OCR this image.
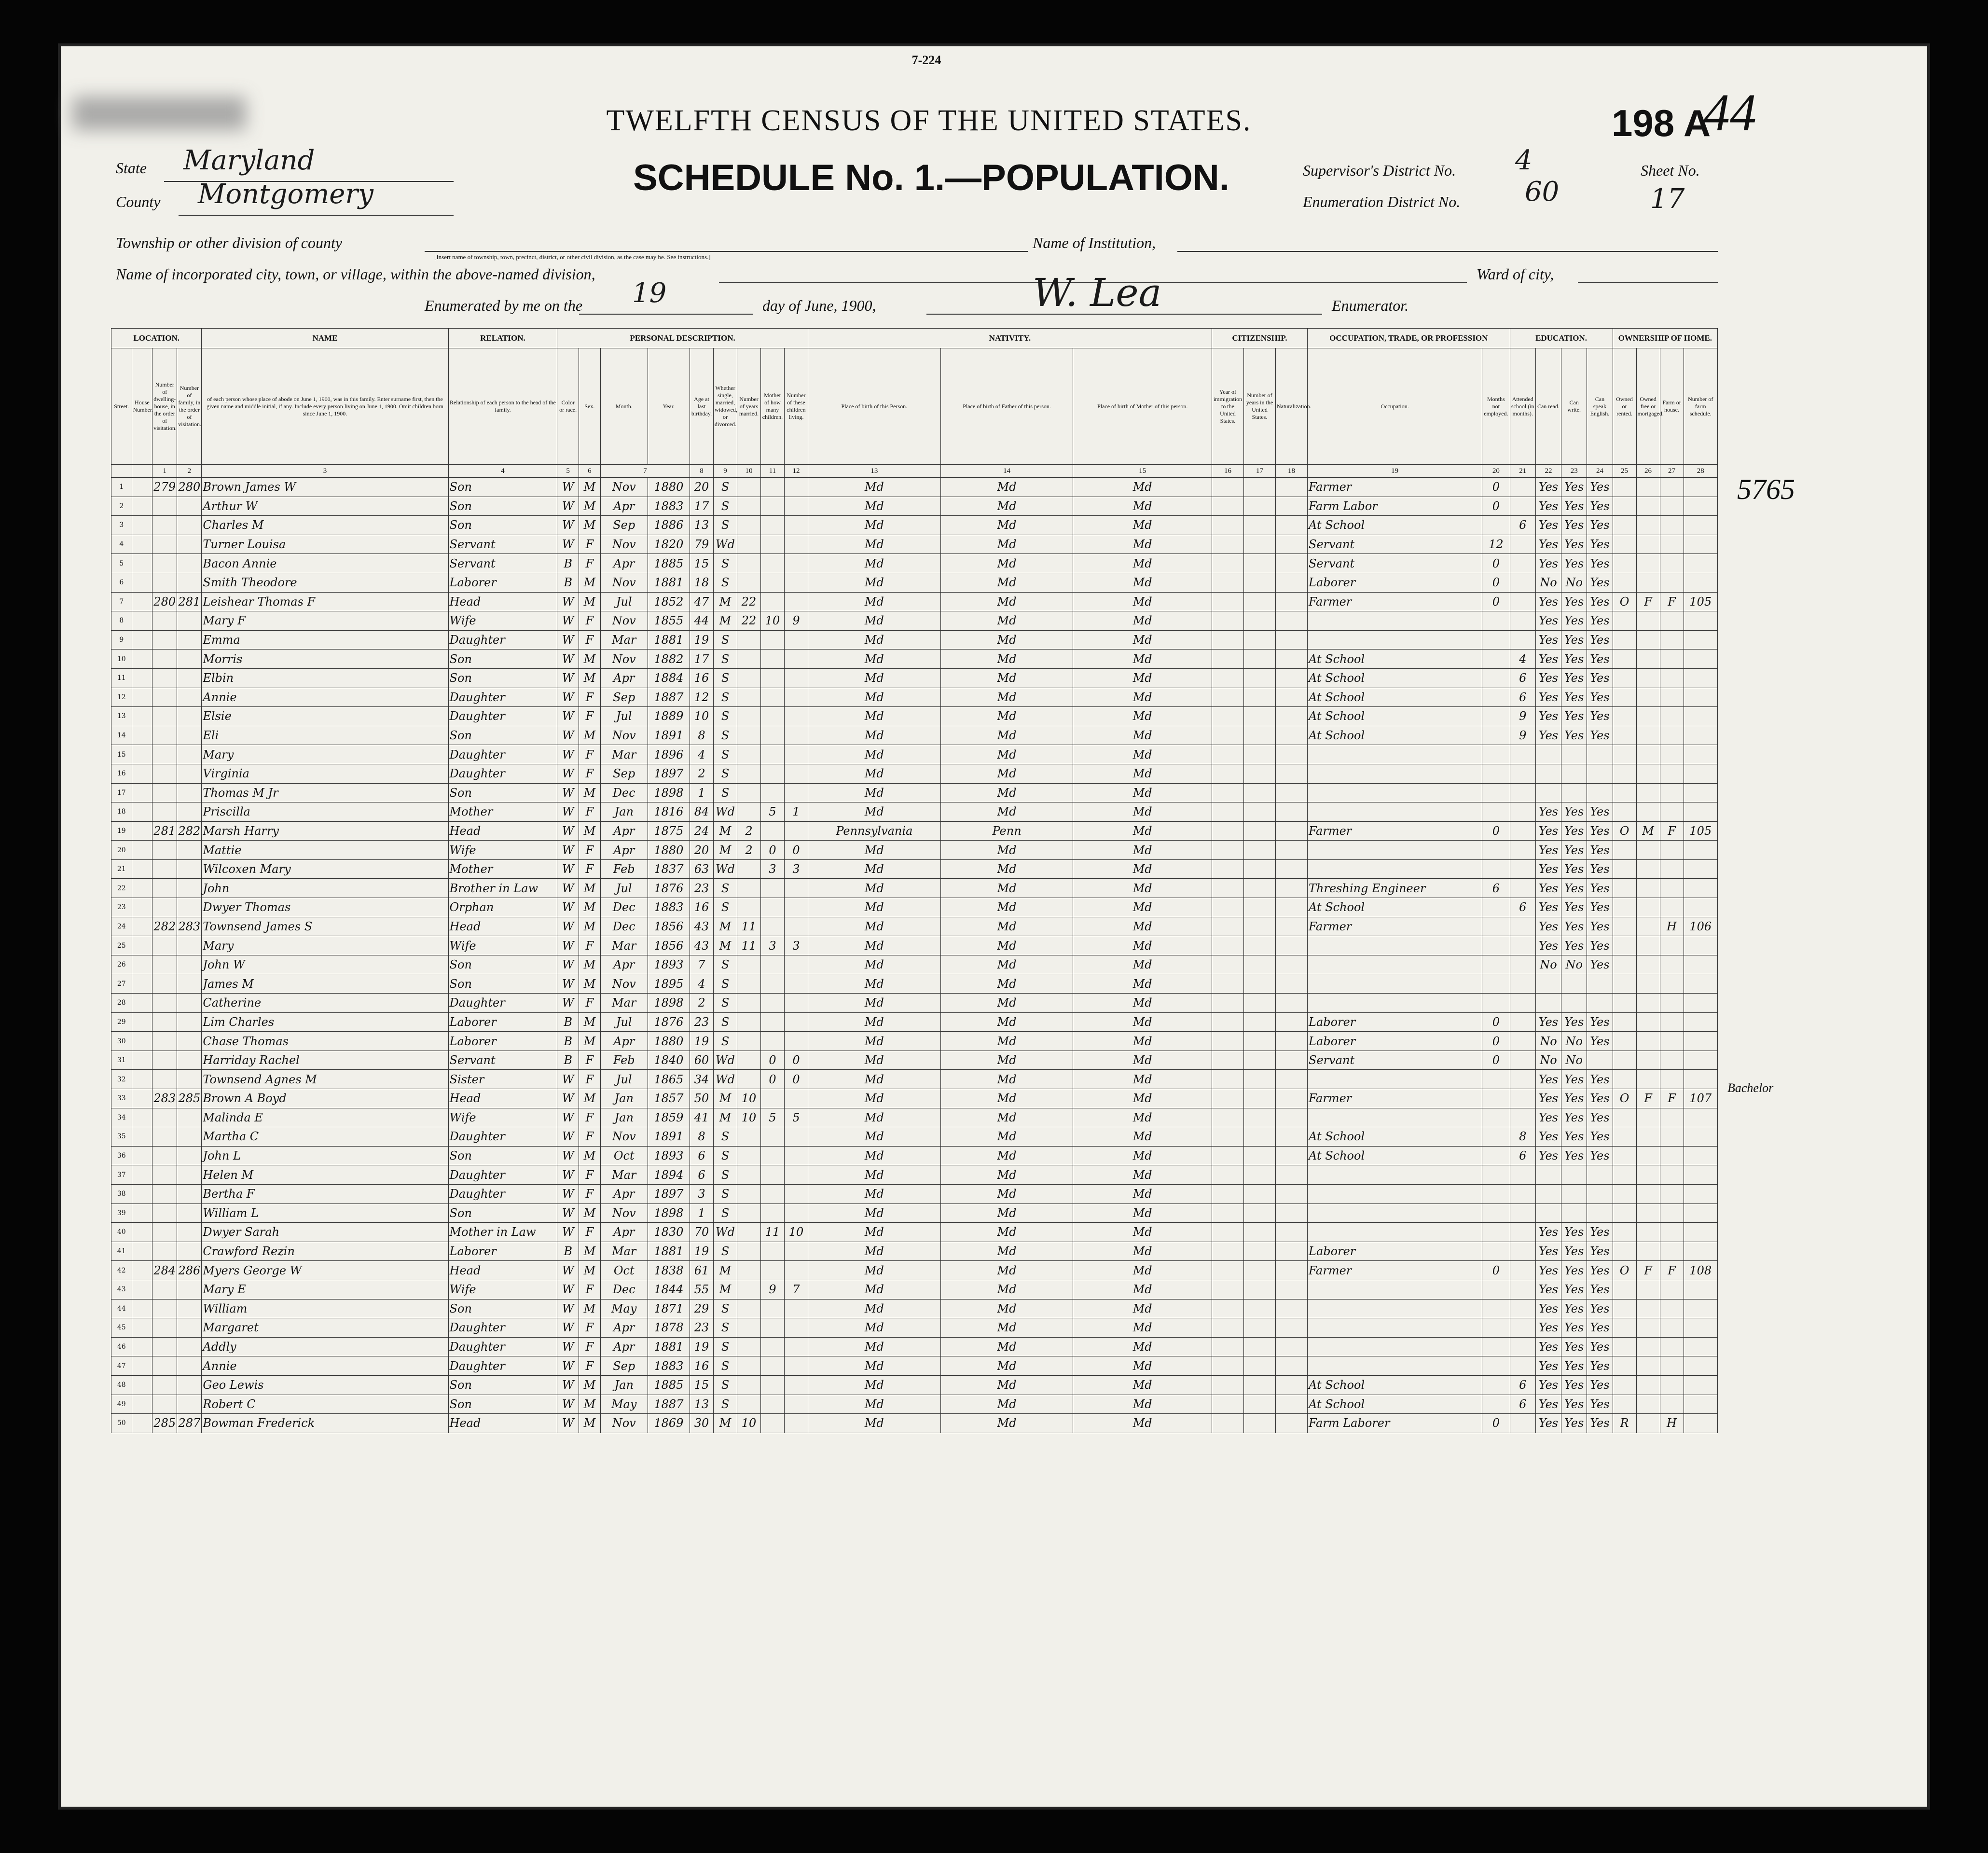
7-224
198 A
44
TWELFTH CENSUS OF THE UNITED STATES.
SCHEDULE No. 1.—POPULATION.
State Maryland
County Montgomery
Supervisor's District No. 4
Enumeration District No. 60
Sheet No.
17
Township or other division of county
[Insert name of township, town, precinct, district, or other civil division, as the case may be. See instructions.]
Name of Institution,
Name of incorporated city, town, or village, within the above-named division,	Ward of city,
Enumerated by me on the 19	day of June, 1900,	W. Lea	Enumerator.
LOCATION.				NAME	RELATION.	PERSONAL DESCRIPTION.									NATIVITY.			CITIZENSHIP.			OCCUPATION, TRADE, OR PROFESSION		EDUCATION.				OWNERSHIP OF HOME.			
Street.	House Number.	Number of dwelling-house, in the order of visitation.	Number of family, in the order of visitation.	of each person whose place of abode on June 1, 1900, was in this family. Enter surname first, then the given name and middle initial, if any. Include every person living on June 1, 1900. Omit children born since June 1, 1900.	Relationship of each person to the head of the family.	Color or race.	Sex.	Month.	Year.	Age at last birthday.	Whether single, married, widowed, or divorced.	Number of years married.	Mother of how many children.	Number of these children living.	Place of birth of this Person.	Place of birth of Father of this person.	Place of birth of Mother of this person.	Year of immigration to the United States.	Number of years in the United States.	Naturalization.	Occupation.	Months not employed.	Attended school (in months).	Can read.	Can write.	Can speak English.	Owned or rented.	Owned free or mortgaged.	Farm or house.	Number of farm schedule.
		1	2	3	4	5	6	7		8	9	10	11	12	13	14	15	16	17	18	19	20	21	22	23	24	25	26	27	28
1		279	280	Brown James W	Son	W	M	Nov	1880	20	S				Md	Md	Md				Farmer	0		Yes	Yes	Yes				
2				Arthur W	Son	W	M	Apr	1883	17	S				Md	Md	Md				Farm Labor	0		Yes	Yes	Yes				
3				Charles M	Son	W	M	Sep	1886	13	S				Md	Md	Md				At School		6	Yes	Yes	Yes				
4				Turner Louisa	Servant	W	F	Nov	1820	79	Wd				Md	Md	Md				Servant	12		Yes	Yes	Yes				
5				Bacon Annie	Servant	B	F	Apr	1885	15	S				Md	Md	Md				Servant	0		Yes	Yes	Yes				
6				Smith Theodore	Laborer	B	M	Nov	1881	18	S				Md	Md	Md				Laborer	0		No	No	Yes				
7		280	281	Leishear Thomas F	Head	W	M	Jul	1852	47	M	22			Md	Md	Md				Farmer	0		Yes	Yes	Yes	O	F	F	105
8				Mary F	Wife	W	F	Nov	1855	44	M	22	10	9	Md	Md	Md							Yes	Yes	Yes				
9				Emma	Daughter	W	F	Mar	1881	19	S				Md	Md	Md							Yes	Yes	Yes				
10				Morris	Son	W	M	Nov	1882	17	S				Md	Md	Md				At School		4	Yes	Yes	Yes				
11				Elbin	Son	W	M	Apr	1884	16	S				Md	Md	Md				At School		6	Yes	Yes	Yes				
12				Annie	Daughter	W	F	Sep	1887	12	S				Md	Md	Md				At School		6	Yes	Yes	Yes				
13				Elsie	Daughter	W	F	Jul	1889	10	S				Md	Md	Md				At School		9	Yes	Yes	Yes				
14				Eli	Son	W	M	Nov	1891	8	S				Md	Md	Md				At School		9	Yes	Yes	Yes				
15				Mary	Daughter	W	F	Mar	1896	4	S				Md	Md	Md													
16				Virginia	Daughter	W	F	Sep	1897	2	S				Md	Md	Md													
17				Thomas M Jr	Son	W	M	Dec	1898	1	S				Md	Md	Md													
18				Priscilla	Mother	W	F	Jan	1816	84	Wd		5	1	Md	Md	Md							Yes	Yes	Yes				
19		281	282	Marsh Harry	Head	W	M	Apr	1875	24	M	2			Pennsylvania	Penn	Md				Farmer	0		Yes	Yes	Yes	O	M	F	105
20				Mattie	Wife	W	F	Apr	1880	20	M	2	0	0	Md	Md	Md							Yes	Yes	Yes				
21				Wilcoxen Mary	Mother	W	F	Feb	1837	63	Wd		3	3	Md	Md	Md							Yes	Yes	Yes				
22				John	Brother in Law	W	M	Jul	1876	23	S				Md	Md	Md				Threshing Engineer	6		Yes	Yes	Yes				
23				Dwyer Thomas	Orphan	W	M	Dec	1883	16	S				Md	Md	Md				At School		6	Yes	Yes	Yes				
24		282	283	Townsend James S	Head	W	M	Dec	1856	43	M	11			Md	Md	Md				Farmer			Yes	Yes	Yes			H	106
25				Mary	Wife	W	F	Mar	1856	43	M	11	3	3	Md	Md	Md							Yes	Yes	Yes				
26				John W	Son	W	M	Apr	1893	7	S				Md	Md	Md							No	No	Yes				
27				James M	Son	W	M	Nov	1895	4	S				Md	Md	Md													
28				Catherine	Daughter	W	F	Mar	1898	2	S				Md	Md	Md													
29				Lim Charles	Laborer	B	M	Jul	1876	23	S				Md	Md	Md				Laborer	0		Yes	Yes	Yes				
30				Chase Thomas	Laborer	B	M	Apr	1880	19	S				Md	Md	Md				Laborer	0		No	No	Yes				
31				Harriday Rachel	Servant	B	F	Feb	1840	60	Wd		0	0	Md	Md	Md				Servant	0		No	No					
32				Townsend Agnes M	Sister	W	F	Jul	1865	34	Wd		0	0	Md	Md	Md							Yes	Yes	Yes				
33		283	285	Brown A Boyd	Head	W	M	Jan	1857	50	M	10			Md	Md	Md				Farmer			Yes	Yes	Yes	O	F	F	107
34				Malinda E	Wife	W	F	Jan	1859	41	M	10	5	5	Md	Md	Md							Yes	Yes	Yes				
35				Martha C	Daughter	W	F	Nov	1891	8	S				Md	Md	Md				At School		8	Yes	Yes	Yes				
36				John L	Son	W	M	Oct	1893	6	S				Md	Md	Md				At School		6	Yes	Yes	Yes				
37				Helen M	Daughter	W	F	Mar	1894	6	S				Md	Md	Md													
38				Bertha F	Daughter	W	F	Apr	1897	3	S				Md	Md	Md													
39				William L	Son	W	M	Nov	1898	1	S				Md	Md	Md													
40				Dwyer Sarah	Mother in Law	W	F	Apr	1830	70	Wd		11	10	Md	Md	Md							Yes	Yes	Yes				
41				Crawford Rezin	Laborer	B	M	Mar	1881	19	S				Md	Md	Md				Laborer			Yes	Yes	Yes				
42		284	286	Myers George W	Head	W	M	Oct	1838	61	M				Md	Md	Md				Farmer	0		Yes	Yes	Yes	O	F	F	108
43				Mary E	Wife	W	F	Dec	1844	55	M		9	7	Md	Md	Md							Yes	Yes	Yes				
44				William	Son	W	M	May	1871	29	S				Md	Md	Md							Yes	Yes	Yes				
45				Margaret	Daughter	W	F	Apr	1878	23	S				Md	Md	Md							Yes	Yes	Yes				
46				Addly	Daughter	W	F	Apr	1881	19	S				Md	Md	Md							Yes	Yes	Yes				
47				Annie	Daughter	W	F	Sep	1883	16	S				Md	Md	Md							Yes	Yes	Yes				
48				Geo Lewis	Son	W	M	Jan	1885	15	S				Md	Md	Md				At School		6	Yes	Yes	Yes				
49				Robert C	Son	W	M	May	1887	13	S				Md	Md	Md				At School		6	Yes	Yes	Yes				
50		285	287	Bowman Frederick	Head	W	M	Nov	1869	30	M	10			Md	Md	Md				Farm Laborer	0		Yes	Yes	Yes	R		H	
5765
Bachelor
